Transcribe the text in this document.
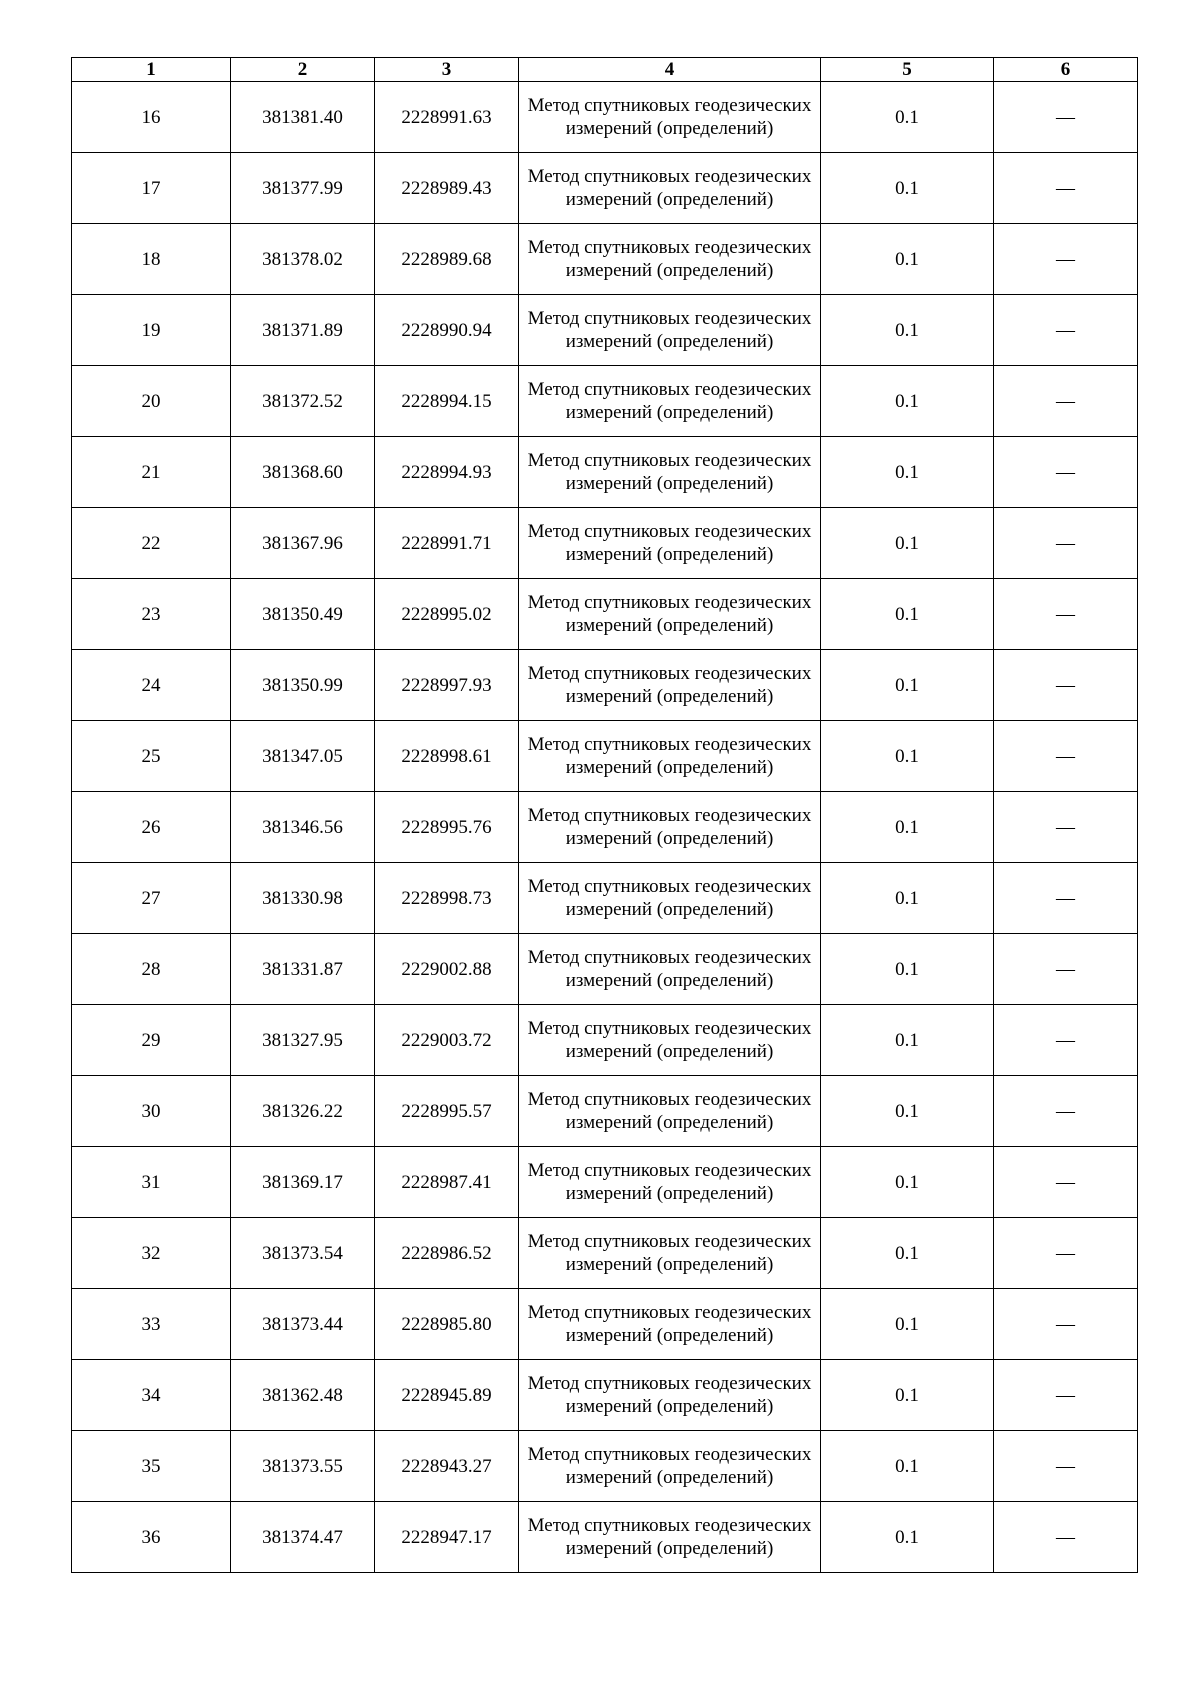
1	2	3	4	5	6
16	381381.40	2228991.63	Метод спутниковых геодезических измерений (определений)	0.1	—
17	381377.99	2228989.43	Метод спутниковых геодезических измерений (определений)	0.1	—
18	381378.02	2228989.68	Метод спутниковых геодезических измерений (определений)	0.1	—
19	381371.89	2228990.94	Метод спутниковых геодезических измерений (определений)	0.1	—
20	381372.52	2228994.15	Метод спутниковых геодезических измерений (определений)	0.1	—
21	381368.60	2228994.93	Метод спутниковых геодезических измерений (определений)	0.1	—
22	381367.96	2228991.71	Метод спутниковых геодезических измерений (определений)	0.1	—
23	381350.49	2228995.02	Метод спутниковых геодезических измерений (определений)	0.1	—
24	381350.99	2228997.93	Метод спутниковых геодезических измерений (определений)	0.1	—
25	381347.05	2228998.61	Метод спутниковых геодезических измерений (определений)	0.1	—
26	381346.56	2228995.76	Метод спутниковых геодезических измерений (определений)	0.1	—
27	381330.98	2228998.73	Метод спутниковых геодезических измерений (определений)	0.1	—
28	381331.87	2229002.88	Метод спутниковых геодезических измерений (определений)	0.1	—
29	381327.95	2229003.72	Метод спутниковых геодезических измерений (определений)	0.1	—
30	381326.22	2228995.57	Метод спутниковых геодезических измерений (определений)	0.1	—
31	381369.17	2228987.41	Метод спутниковых геодезических измерений (определений)	0.1	—
32	381373.54	2228986.52	Метод спутниковых геодезических измерений (определений)	0.1	—
33	381373.44	2228985.80	Метод спутниковых геодезических измерений (определений)	0.1	—
34	381362.48	2228945.89	Метод спутниковых геодезических измерений (определений)	0.1	—
35	381373.55	2228943.27	Метод спутниковых геодезических измерений (определений)	0.1	—
36	381374.47	2228947.17	Метод спутниковых геодезических измерений (определений)	0.1	—
